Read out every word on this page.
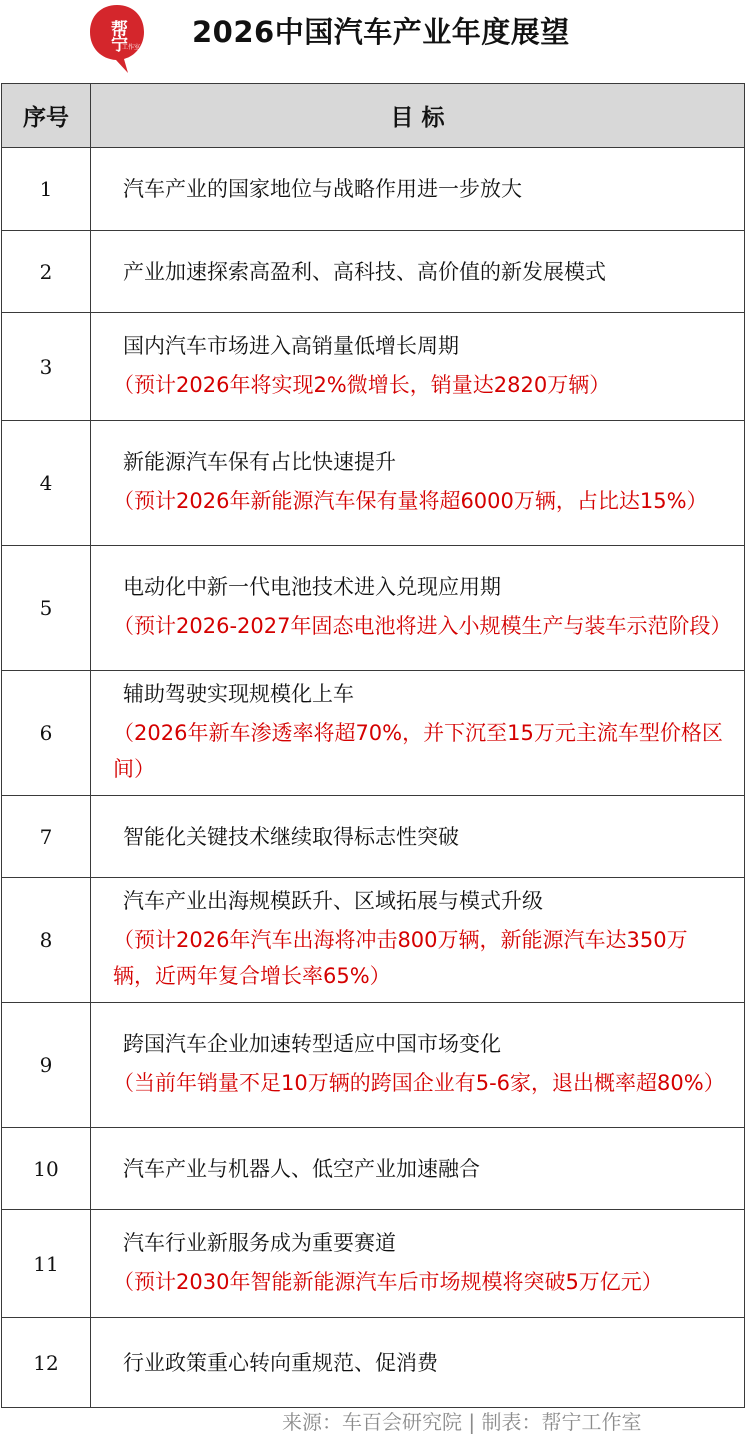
帮宁
工作室 2026中国汽车产业年度展望
序号	目 标
1	汽车产业的国家地位与战略作用进一步放大

2	产业加速探索高盈利、高科技、高价值的新发展模式

3	国内汽车市场进入高销量低增长周期
（预计2026年将实现2%微增长，销量达2820万辆）

4	新能源汽车保有占比快速提升
（预计2026年新能源汽车保有量将超6000万辆，占比达15%）

5	电动化中新一代电池技术进入兑现应用期
（预计2026-2027年固态电池将进入小规模生产与装车示范阶段）

6	辅助驾驶实现规模化上车
（2026年新车渗透率将超70%，并下沉至15万元主流车型价格区间）

7	智能化关键技术继续取得标志性突破

8	汽车产业出海规模跃升、区域拓展与模式升级
（预计2026年汽车出海将冲击800万辆，新能源汽车达350万辆，近两年复合增长率65%）

9	跨国汽车企业加速转型适应中国市场变化
（当前年销量不足10万辆的跨国企业有5-6家，退出概率超80%）

10	汽车产业与机器人、低空产业加速融合

11	汽车行业新服务成为重要赛道
（预计2030年智能新能源汽车后市场规模将突破5万亿元）

12	行业政策重心转向重规范、促消费
来源：车百会研究院 | 制表：帮宁工作室
